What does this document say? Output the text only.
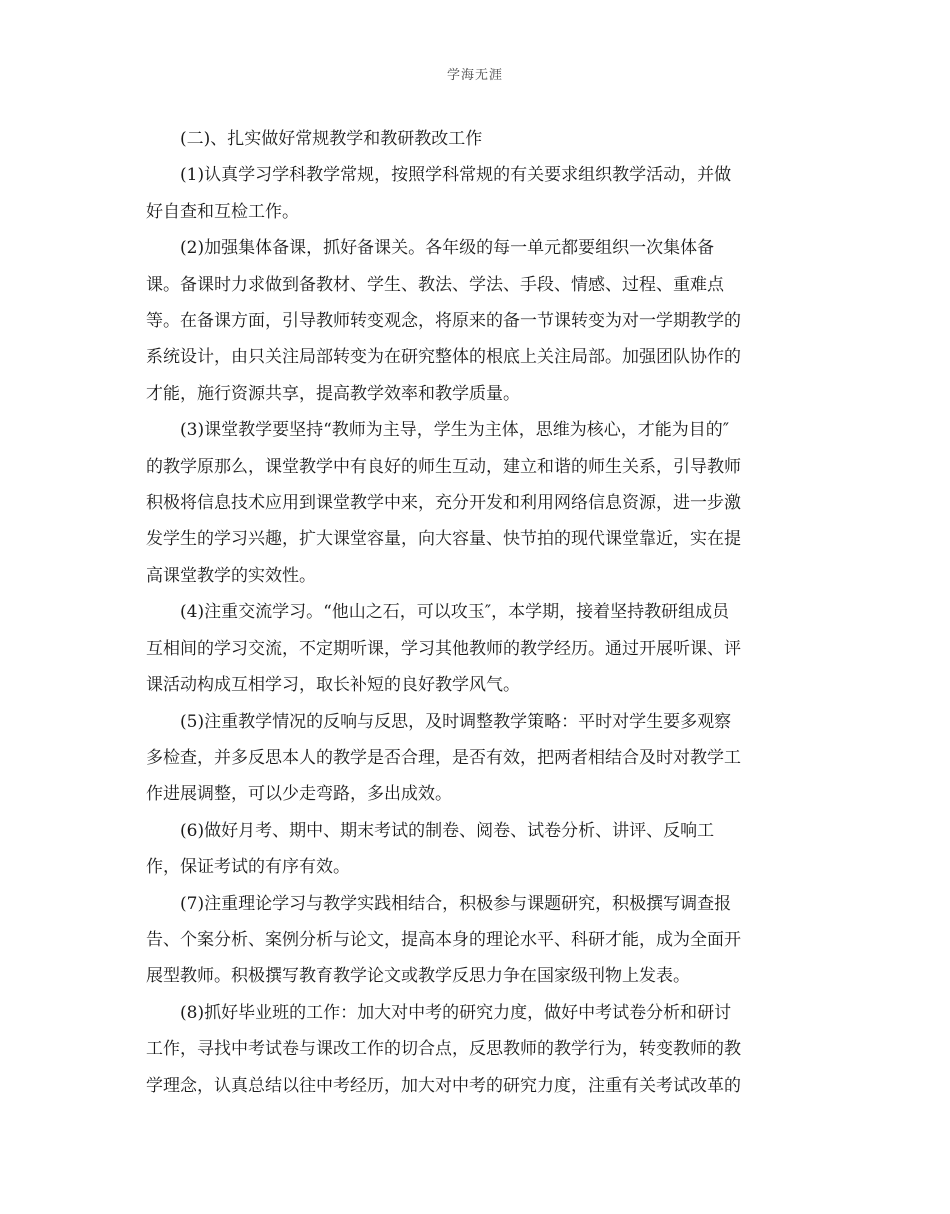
学海无涯

　　(二)、扎实做好常规教学和教研教改工作

　　(1)认真学习学科教学常规，按照学科常规的有关要求组织教学活动，并做
好自查和互检工作。

　　(2)加强集体备课，抓好备课关。各年级的每一单元都要组织一次集体备
课。备课时力求做到备教材、学生、教法、学法、手段、情感、过程、重难点
等。在备课方面，引导教师转变观念，将原来的备一节课转变为对一学期教学的
系统设计，由只关注局部转变为在研究整体的根底上关注局部。加强团队协作的
才能，施行资源共享，提高教学效率和教学质量。

　　(3)课堂教学要坚持“教师为主导，学生为主体，思维为核心，才能为目的″
的教学原那么，课堂教学中有良好的师生互动，建立和谐的师生关系，引导教师
积极将信息技术应用到课堂教学中来，充分开发和利用网络信息资源，进一步激
发学生的学习兴趣，扩大课堂容量，向大容量、快节拍的现代课堂靠近，实在提
高课堂教学的实效性。

　　(4)注重交流学习。“他山之石，可以攻玉″，本学期，接着坚持教研组成员
互相间的学习交流，不定期听课，学习其他教师的教学经历。通过开展听课、评
课活动构成互相学习，取长补短的良好教学风气。

　　(5)注重教学情况的反响与反思，及时调整教学策略：平时对学生要多观察
多检查，并多反思本人的教学是否合理，是否有效，把两者相结合及时对教学工
作进展调整，可以少走弯路，多出成效。

　　(6)做好月考、期中、期末考试的制卷、阅卷、试卷分析、讲评、反响工
作，保证考试的有序有效。

　　(7)注重理论学习与教学实践相结合，积极参与课题研究，积极撰写调查报
告、个案分析、案例分析与论文，提高本身的理论水平、科研才能，成为全面开
展型教师。积极撰写教育教学论文或教学反思力争在国家级刊物上发表。

　　(8)抓好毕业班的工作：加大对中考的研究力度，做好中考试卷分析和研讨
工作，寻找中考试卷与课改工作的切合点，反思教师的教学行为，转变教师的教
学理念，认真总结以往中考经历，加大对中考的研究力度，注重有关考试改革的
